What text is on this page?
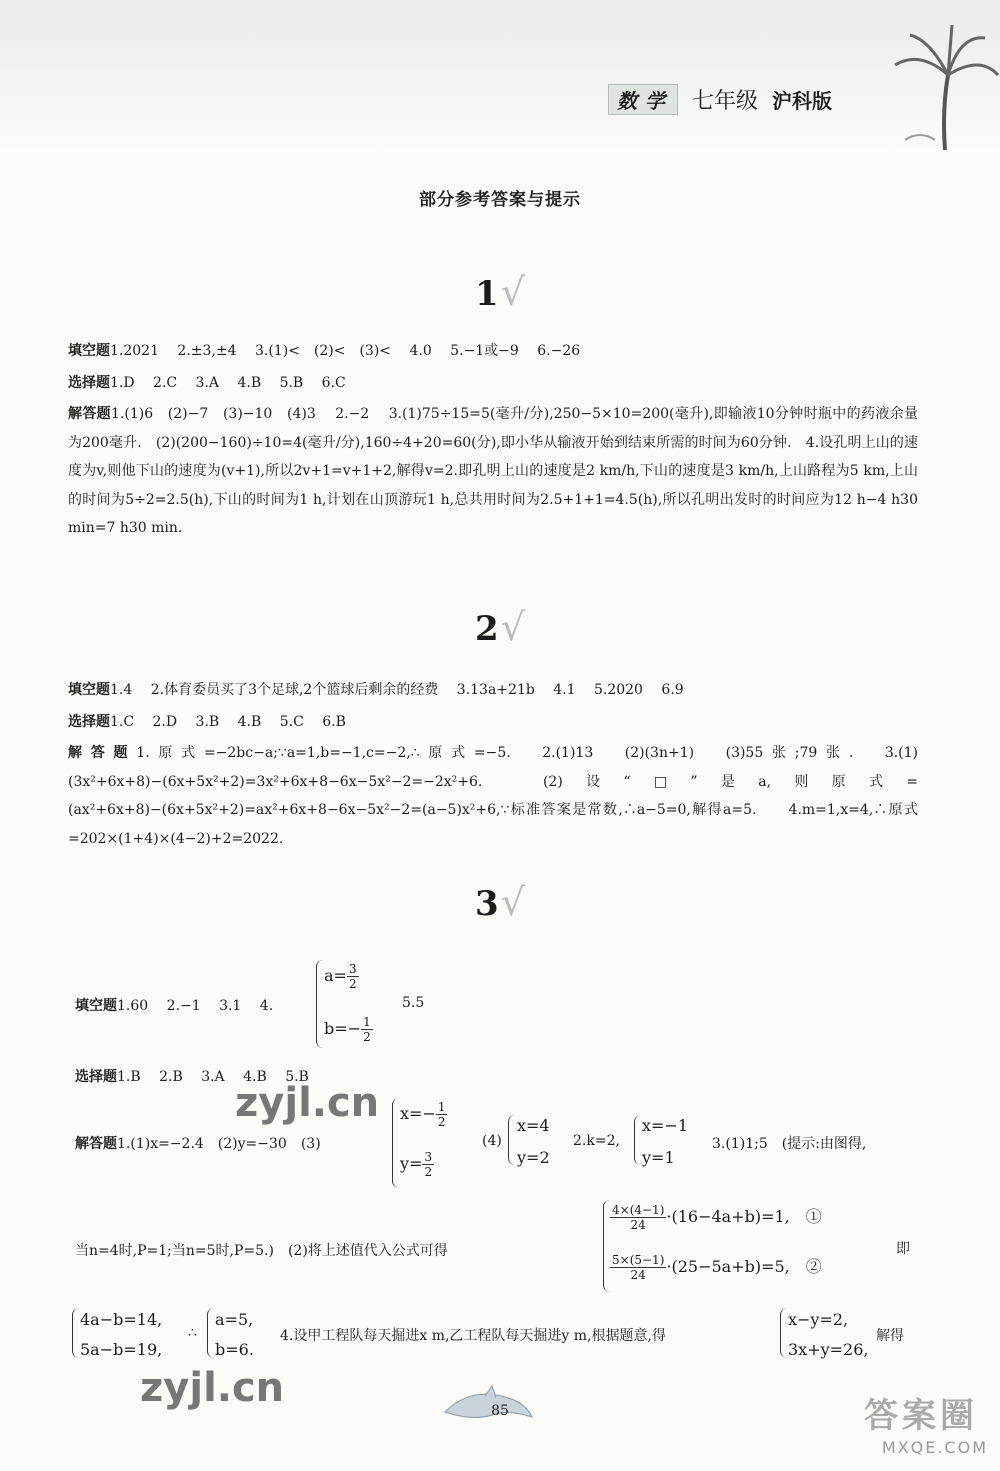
数学 七年级 沪科版
部分参考答案与提示
1√
填空题1.2021　 2.±3,±4　 3.(1)<　(2)<　(3)<　 4.0　 5.−1或−9　 6.−26
选择题1.D　 2.C　 3.A　 4.B　 5.B　 6.C
解答题1.(1)6　(2)−7　(3)−10　(4)3　 2.−2　 3.(1)75÷15=5(毫升/分),250−5×10=200(毫升),即输液10分钟时瓶中的药液余量为200毫升.　(2)(200−160)÷10=4(毫升/分),160÷4+20=60(分),即小华从输液开始到结束所需的时间为60分钟.　4.设孔明上山的速度为v,则他下山的速度为(v+1),所以2v+1=v+1+2,解得v=2.即孔明上山的速度是2 km/h,下山的速度是3 km/h,上山路程为5 km,上山的时间为5÷2=2.5(h),下山的时间为1 h,计划在山顶游玩1 h,总共用时间为2.5+1+1=4.5(h),所以孔明出发时的时间应为12 h−4 h30 min=7 h30 min.
2√
填空题1.4　 2.体育委员买了3个足球,2个篮球后剩余的经费　 3.13a+21b　 4.1　 5.2020　 6.9
选择题1.C　 2.D　 3.B　 4.B　 5.C　 6.B
解答题1.原式=−2bc−a;∵a=1,b=−1,c=−2,∴原式=−5.　2.(1)13　(2)(3n+1)　(3)55张;79张.　3.(1)(3x²+6x+8)−(6x+5x²+2)=3x²+6x+8−6x−5x²−2=−2x²+6.　(2)设“□”是a,则原式=(ax²+6x+8)−(6x+5x²+2)=ax²+6x+8−6x−5x²−2=(a−5)x²+6,∵标准答案是常数,∴a−5=0,解得a=5.　　4.m=1,x=4,∴原式=202×(1+4)×(4−2)+2=2022.
3√
填空题1.60　 2.−1　 3.1　 4.
$a= \frac{3}{2}$
$b=- \frac{1}{2}$
5.5
选择题1.B　 2.B　 3.A　 4.B　 5.B
解答题1.(1)x=−2.4　(2)y=−30　(3)
$x=- \frac{1}{2}$
$y= \frac{3}{2}$
(4)
x=4
y=2
2.k=2,
x=−1
y=1
3.(1)1;5　(提示:由图得,
当n=4时,P=1;当n=5时,P=5.)　(2)将上述值代入公式可得
$\frac{4\times(4-1)}{24} \cdot(16-4a+b)=1$,　①
$\frac{5\times(5-1)}{24} \cdot(25-5a+b)=5$,　②
即
4a−b=14,
5a−b=19,
∴
a=5,
b=6.
4.设甲工程队每天掘进x m,乙工程队每天掘进y m,根据题意,得
x−y=2,
3x+y=26,
解得
85
zyjl.cn
zyjl.cn
答案圈
MXQE.COM
